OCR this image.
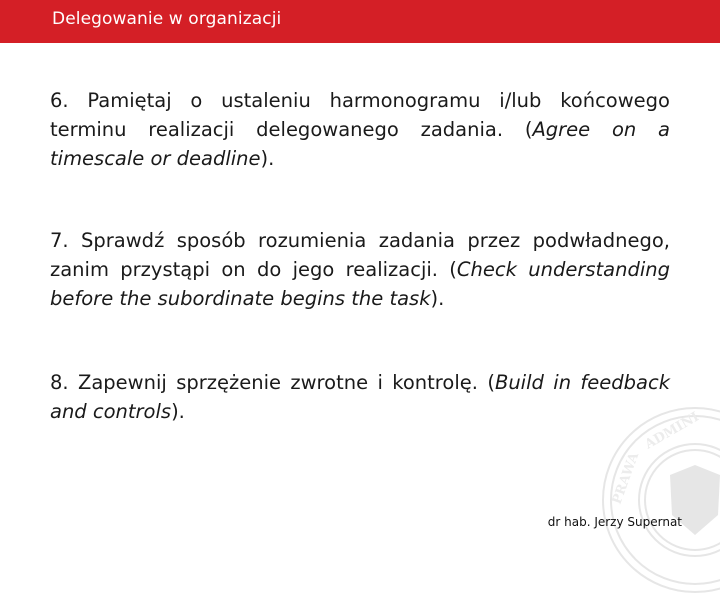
Delegowanie w organizacji
PRAWA
ADMINI

6. Pamiętaj o ustaleniu harmonogramu i/lub końcowego terminu realizacji delegowanego zadania. (Agree on a timescale or deadline).

7. Sprawdź sposób rozumienia zadania przez podwładnego, zanim przystąpi on do jego realizacji. (Check understanding before the subordinate begins the task).

8. Zapewnij sprzężenie zwrotne i kontrolę. (Build in feedback and controls).

dr hab. Jerzy Supernat
